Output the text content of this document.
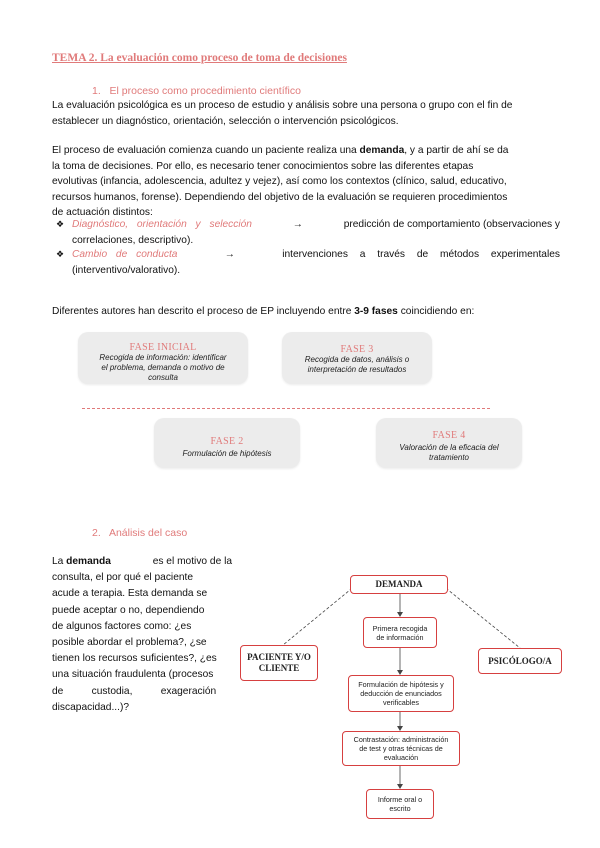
TEMA 2. La evaluación como proceso de toma de decisiones
1. El proceso como procedimiento científico
La evaluación psicológica es un proceso de estudio y análisis sobre una persona o grupo con el fin de
establecer un diagnóstico, orientación, selección o intervención psicológicos.
El proceso de evaluación comienza cuando un paciente realiza una demanda, y a partir de ahí se da
la toma de decisiones. Por ello, es necesario tener conocimientos sobre las diferentes etapas
evolutivas (infancia, adolescencia, adultez y vejez), así como los contextos (clínico, salud, educativo,
recursos humanos, forense). Dependiendo del objetivo de la evaluación se requieren procedimientos
de actuación distintos:
❖ Diagnóstico, orientación y selección	→	predicción de comportamiento (observaciones y
correlaciones, descriptivo).
❖ Cambio de conducta	→	intervenciones a través de métodos experimentales
(interventivo/valorativo).
Diferentes autores han descrito el proceso de EP incluyendo entre 3-9 fases coincidiendo en:
FASE INICIAL
Recogida de información: identificar
el problema, demanda o motivo de
consulta
FASE 3
Recogida de datos, análisis o
interpretación de resultados
FASE 2
Formulación de hipótesis
FASE 4
Valoración de la eficacia del
tratamiento
2. Análisis del caso
La demanda	es el motivo de la
consulta, el por qué el paciente
acude a terapia. Esta demanda se
puede aceptar o no, dependiendo
de algunos factores como: ¿es
posible abordar el problema?, ¿se
tienen los recursos suficientes?, ¿es
una situación fraudulenta (procesos
de          custodia,          exageración
discapacidad...)?
DEMANDA
PACIENTE Y/O
CLIENTE
PSICÓLOGO/A
Primera recogida
de información
Formulación de hipótesis y
deducción de enunciados
verificables
Contrastación: administración
de test y otras técnicas de
evaluación
Informe oral o
escrito
